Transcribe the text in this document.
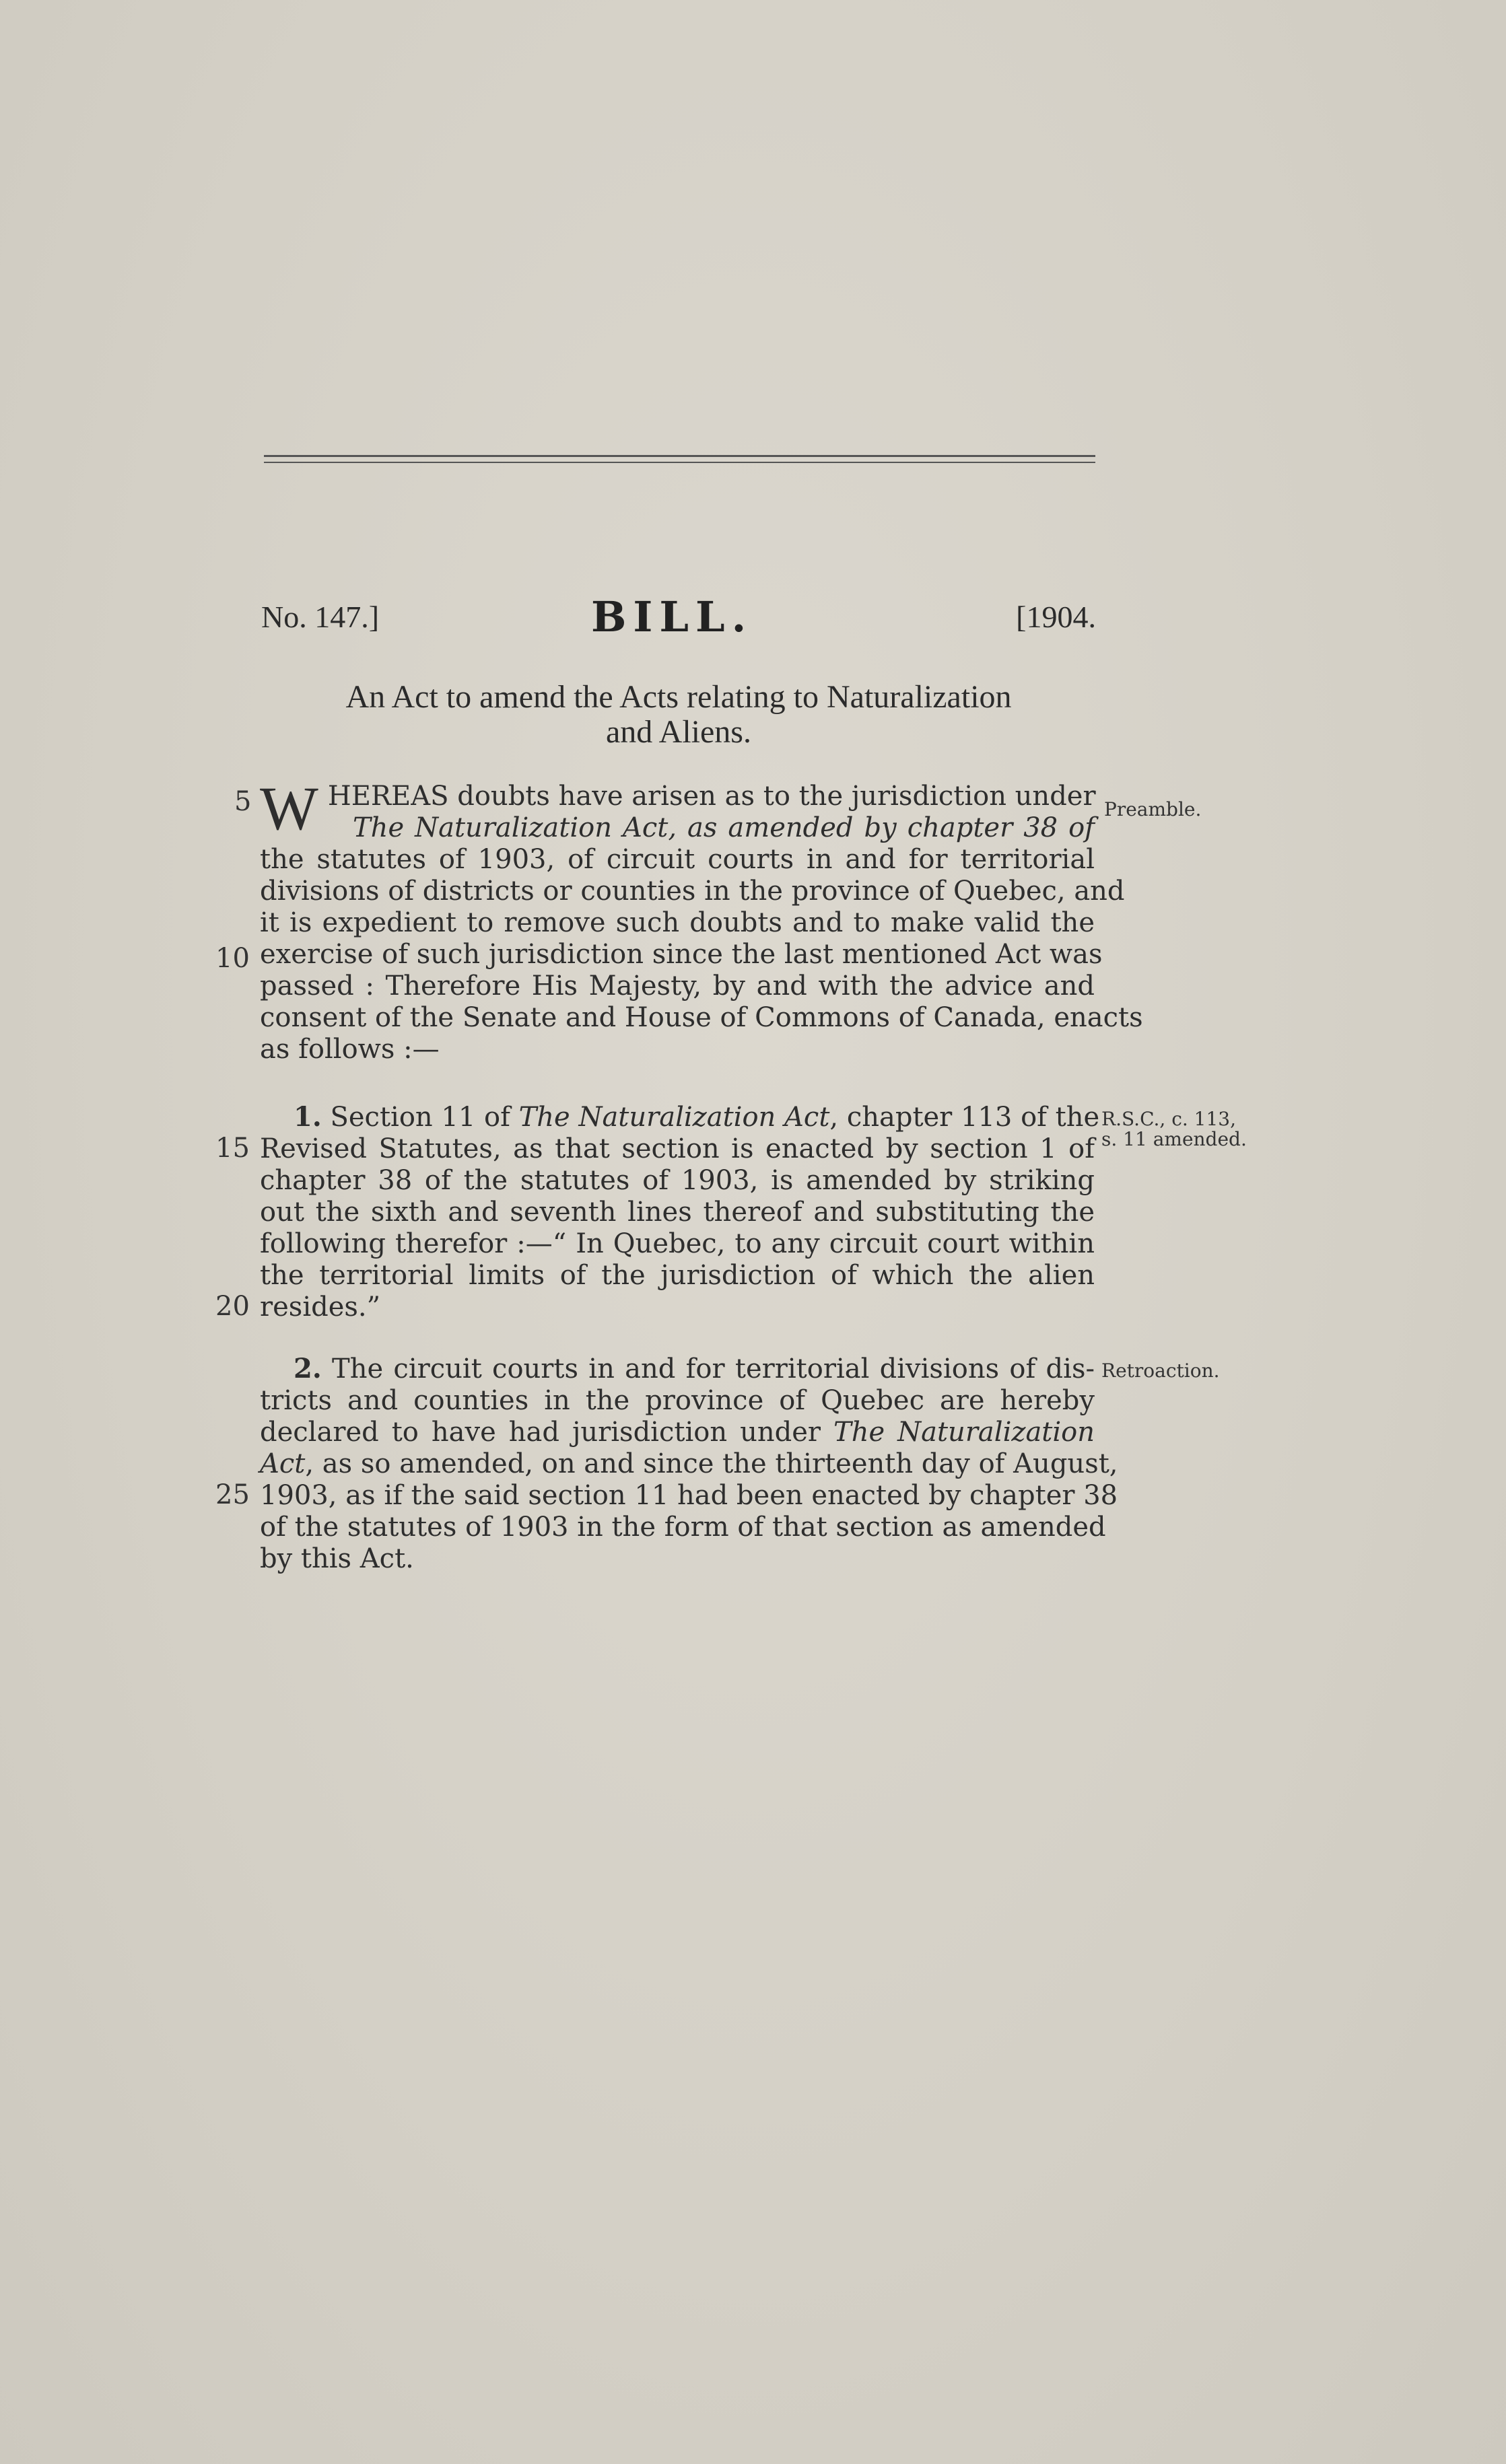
No. 147.]	BILL.	[1904.
An Act to amend the Acts relating to Naturalization
and Aliens.
5	Preamble.
W HEREAS doubts have arisen as to the jurisdiction under
The Naturalization Act, as amended by chapter 38 of
the statutes of 1903, of circuit courts in and for territorial
divisions of districts or counties in the province of Quebec, and
it is expedient to remove such doubts and to make valid the
exercise of such jurisdiction since the last mentioned Act was
passed : Therefore His Majesty, by and with the advice and
consent of the Senate and House of Commons of Canada, enacts
as follows :—
10
R.S.C., c. 113,
s. 11 amended.
1. Section 11 of The Naturalization Act, chapter 113 of the
Revised Statutes, as that section is enacted by section 1 of
chapter 38 of the statutes of 1903, is amended by striking
out the sixth and seventh lines thereof and substituting the
following therefor :—“ In Quebec, to any circuit court within
the territorial limits of the jurisdiction of which the alien
resides.”
15
20
Retroaction.
2. The circuit courts in and for territorial divisions of dis-
tricts and counties in the province of Quebec are hereby
declared to have had jurisdiction under The Naturalization
Act, as so amended, on and since the thirteenth day of August,
1903, as if the said section 11 had been enacted by chapter 38
of the statutes of 1903 in the form of that section as amended
by this Act.
25
